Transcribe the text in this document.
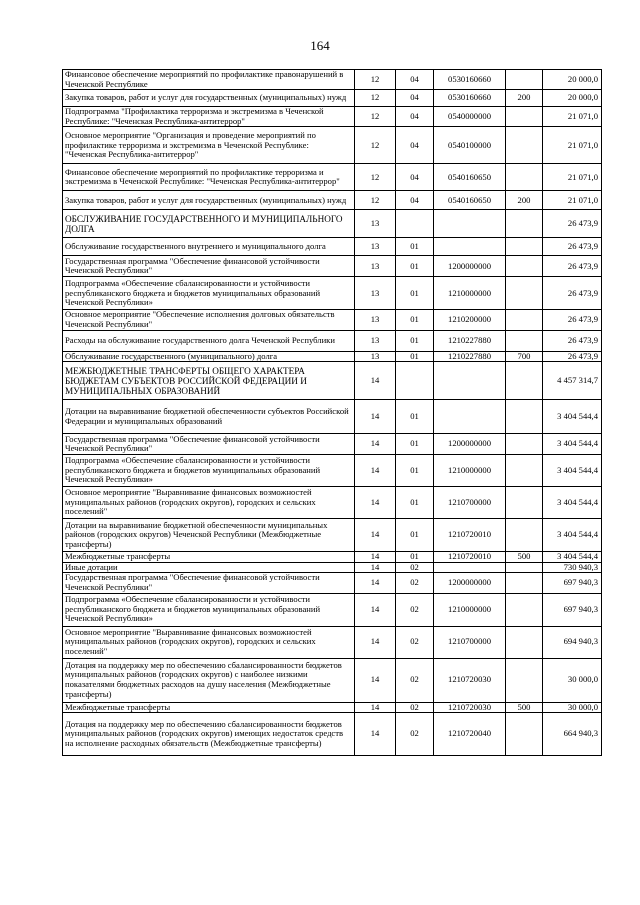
164
Финансовое обеспечение мероприятий по профилактике правонарушений в Чеченской Республике	12	04	0530160660		20 000,0
Закупка товаров, работ и услуг для государственных (муниципальных) нужд	12	04	0530160660	200	20 000,0
Подпрограмма "Профилактика терроризма и экстремизма в Чеченской Республике: "Чеченская Республика-антитеррор"	12	04	0540000000		21 071,0
Основное мероприятие "Организация и проведение мероприятий по профилактике терроризма и экстремизма в Чеченской Республике: "Чеченская Республика-антитеррор"	12	04	0540100000		21 071,0
Финансовое обеспечение мероприятий по профилактике терроризма и экстремизма в Чеченской Республике: "Чеченская Республика-антитеррор"	12	04	0540160650		21 071,0
Закупка товаров, работ и услуг для государственных (муниципальных) нужд	12	04	0540160650	200	21 071,0
ОБСЛУЖИВАНИЕ ГОСУДАРСТВЕННОГО И МУНИЦИПАЛЬНОГО ДОЛГА	13				26 473,9
Обслуживание государственного внутреннего и муниципального долга	13	01			26 473,9
Государственная программа "Обеспечение финансовой устойчивости Чеченской Республики"	13	01	1200000000		26 473,9
Подпрограмма «Обеспечение сбалансированности и устойчивости республиканского бюджета и бюджетов муниципальных образований Чеченской Республики»	13	01	1210000000		26 473,9
Основное мероприятие "Обеспечение исполнения долговых обязательств Чеченской Республики"	13	01	1210200000		26 473,9
Расходы на обслуживание государственного долга Чеченской Республики	13	01	1210227880		26 473,9
Обслуживание государственного (муниципального) долга	13	01	1210227880	700	26 473,9
МЕЖБЮДЖЕТНЫЕ ТРАНСФЕРТЫ ОБЩЕГО ХАРАКТЕРА БЮДЖЕТАМ СУБЪЕКТОВ РОССИЙСКОЙ ФЕДЕРАЦИИ И МУНИЦИПАЛЬНЫХ ОБРАЗОВАНИЙ	14				4 457 314,7
Дотации на выравнивание бюджетной обеспеченности субъектов Российской Федерации и муниципальных образований	14	01			3 404 544,4
Государственная программа "Обеспечение финансовой устойчивости Чеченской Республики"	14	01	1200000000		3 404 544,4
Подпрограмма «Обеспечение сбалансированности и устойчивости республиканского бюджета и бюджетов муниципальных образований Чеченской Республики»	14	01	1210000000		3 404 544,4
Основное мероприятие "Выравнивание финансовых возможностей муниципальных районов (городских округов), городских и сельских поселений"	14	01	1210700000		3 404 544,4
Дотации на выравнивание бюджетной обеспеченности муниципальных районов (городских округов) Чеченской Республики (Межбюджетные трансферты)	14	01	1210720010		3 404 544,4
Межбюджетные трансферты	14	01	1210720010	500	3 404 544,4
Иные дотации	14	02			730 940,3
Государственная программа "Обеспечение финансовой устойчивости Чеченской Республики"	14	02	1200000000		697 940,3
Подпрограмма «Обеспечение сбалансированности и устойчивости республиканского бюджета и бюджетов муниципальных образований Чеченской Республики»	14	02	1210000000		697 940,3
Основное мероприятие "Выравнивание финансовых возможностей муниципальных районов (городских округов), городских и сельских поселений"	14	02	1210700000		694 940,3
Дотация на поддержку мер по обеспечению сбалансированности бюджетов муниципальных районов (городских округов) с наиболее низкими показателями бюджетных расходов на душу населения (Межбюджетные трансферты)	14	02	1210720030		30 000,0
Межбюджетные трансферты	14	02	1210720030	500	30 000,0
Дотация на поддержку мер по обеспечению сбалансированности бюджетов муниципальных районов (городских округов) имеющих недостаток средств на исполнение расходных обязательств (Межбюджетные трансферты)	14	02	1210720040		664 940,3
